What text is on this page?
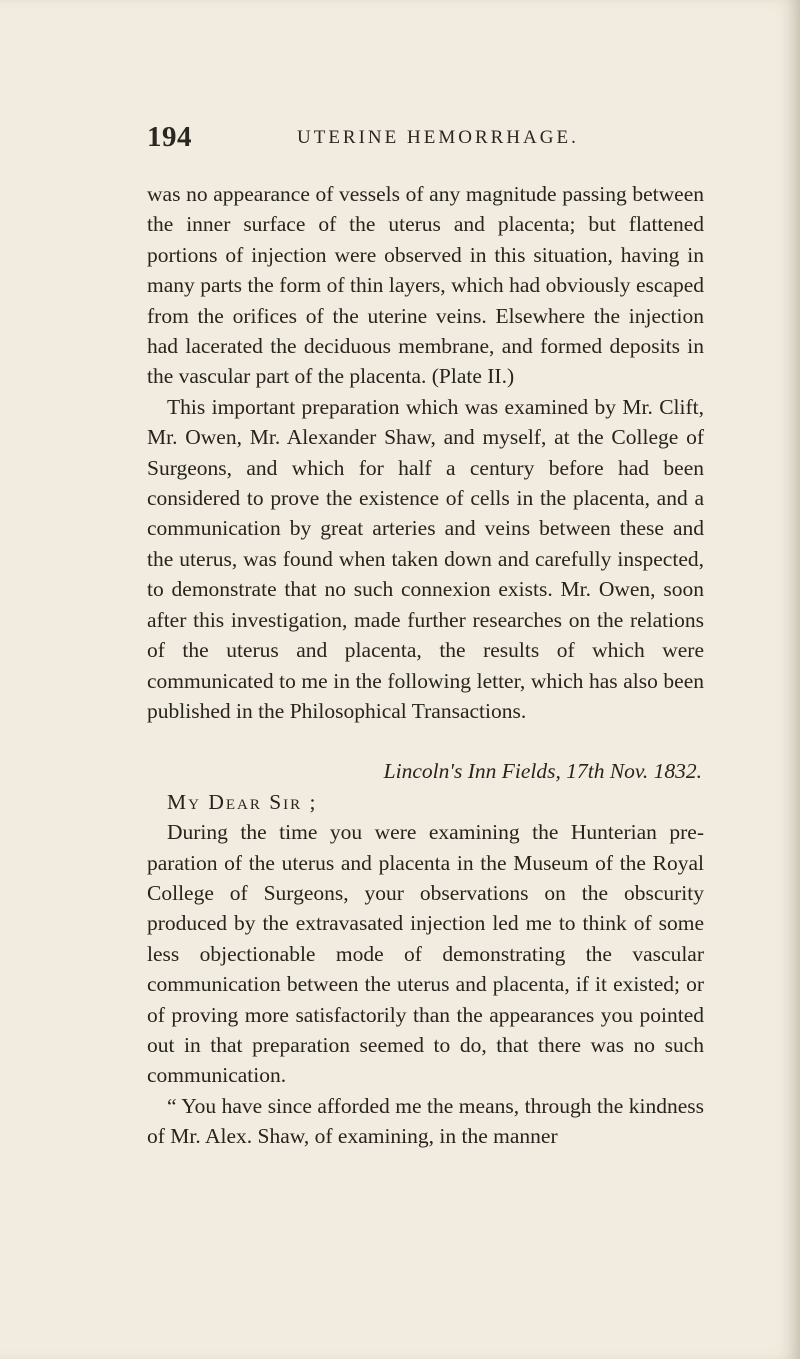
194	UTERINE HEMORRHAGE.

was no appearance of vessels of any magnitude passing between the inner surface of the uterus and placenta; but flattened portions of injection were observed in this situation, having in many parts the form of thin layers, which had obviously escaped from the orifices of the uterine veins. Elsewhere the injection had lacerated the deciduous membrane, and formed deposits in the vascular part of the placenta. (Plate II.)

This important preparation which was examined by Mr. Clift, Mr. Owen, Mr. Alexander Shaw, and myself, at the College of Surgeons, and which for half a century before had been considered to prove the existence of cells in the placenta, and a communication by great arteries and veins between these and the uterus, was found when taken down and carefully inspected, to demonstrate that no such connexion exists. Mr. Owen, soon after this investigation, made further researches on the relations of the uterus and placenta, the results of which were communicated to me in the following letter, which has also been published in the Philosophical Transactions.

Lincoln's Inn Fields, 17th Nov. 1832.

My Dear Sir ;

During the time you were examining the Hunterian preparation of the uterus and placenta in the Museum of the Royal College of Surgeons, your observations on the obscurity produced by the extravasated injection led me to think of some less objectionable mode of demonstrating the vascular communication between the uterus and placenta, if it existed; or of proving more satisfactorily than the appearances you pointed out in that preparation seemed to do, that there was no such communication.

“ You have since afforded me the means, through the kindness of Mr. Alex. Shaw, of examining, in the manner
